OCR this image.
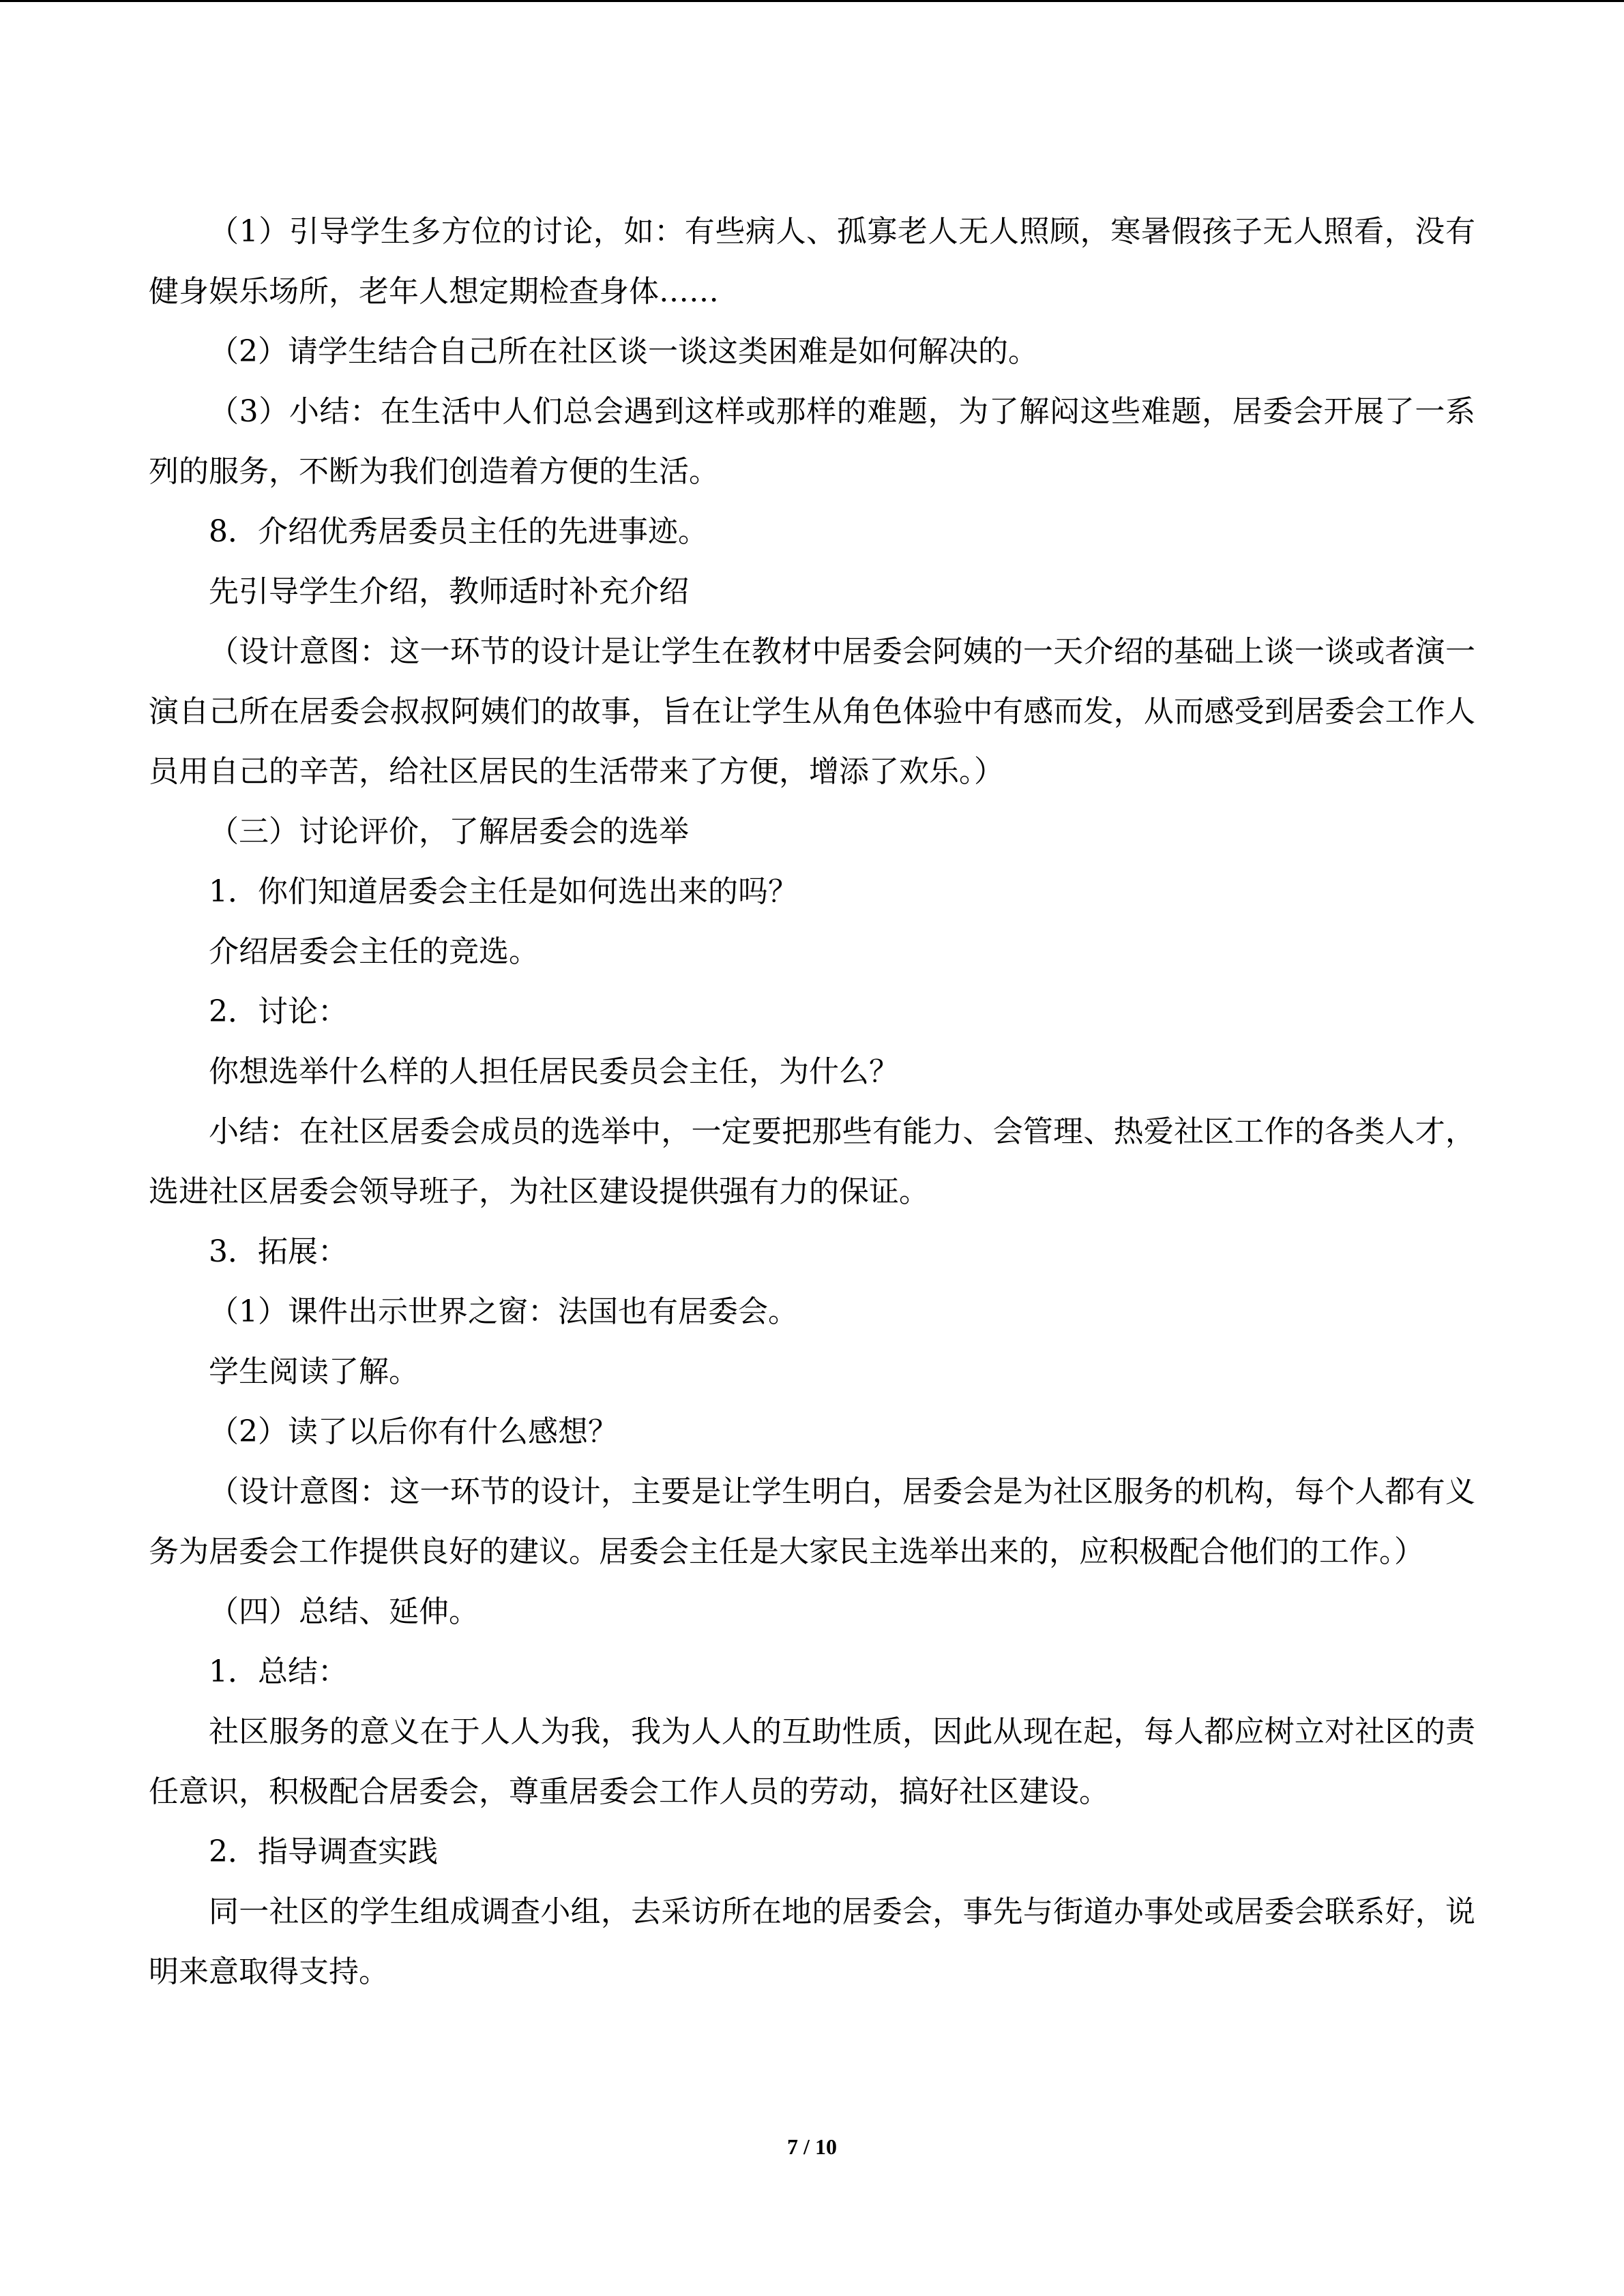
（1）引导学生多方位的讨论，如：有些病人、孤寡老人无人照顾，寒暑假孩子无人照看，没有健身娱乐场所，老年人想定期检查身体……

（2）请学生结合自己所在社区谈一谈这类困难是如何解决的。

（3）小结：在生活中人们总会遇到这样或那样的难题，为了解闷这些难题，居委会开展了一系列的服务，不断为我们创造着方便的生活。

8．介绍优秀居委员主任的先进事迹。

先引导学生介绍，教师适时补充介绍

（设计意图：这一环节的设计是让学生在教材中居委会阿姨的一天介绍的基础上谈一谈或者演一演自己所在居委会叔叔阿姨们的故事，旨在让学生从角色体验中有感而发，从而感受到居委会工作人员用自己的辛苦，给社区居民的生活带来了方便，增添了欢乐。）

（三）讨论评价，了解居委会的选举

1．你们知道居委会主任是如何选出来的吗？

介绍居委会主任的竞选。

2．讨论：

你想选举什么样的人担任居民委员会主任，为什么？

小结：在社区居委会成员的选举中，一定要把那些有能力、会管理、热爱社区工作的各类人才，选进社区居委会领导班子，为社区建设提供强有力的保证。

3．拓展：

（1）课件出示世界之窗：法国也有居委会。

学生阅读了解。

（2）读了以后你有什么感想？

（设计意图：这一环节的设计，主要是让学生明白，居委会是为社区服务的机构，每个人都有义务为居委会工作提供良好的建议。居委会主任是大家民主选举出来的，应积极配合他们的工作。）

（四）总结、延伸。

1．总结：

社区服务的意义在于人人为我，我为人人的互助性质，因此从现在起，每人都应树立对社区的责任意识，积极配合居委会，尊重居委会工作人员的劳动，搞好社区建设。

2．指导调查实践

同一社区的学生组成调查小组，去采访所在地的居委会，事先与街道办事处或居委会联系好，说明来意取得支持。

7 / 10
